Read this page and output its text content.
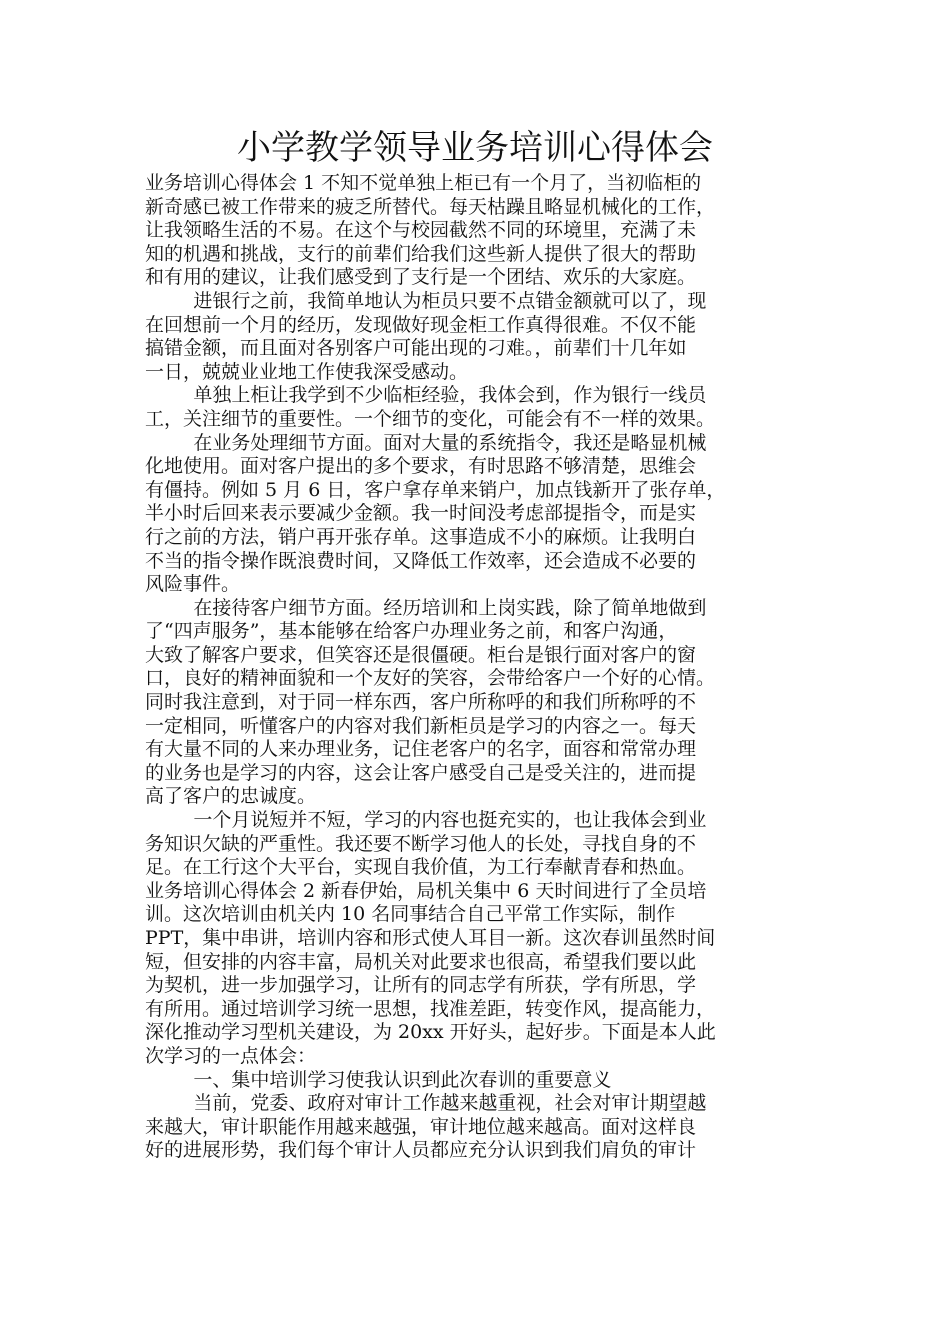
小学教学领导业务培训心得体会
业务培训心得体会 1 不知不觉单独上柜已有一个月了，当初临柜的
新奇感已被工作带来的疲乏所替代。每天枯躁且略显机械化的工作，
让我领略生活的不易。在这个与校园截然不同的环境里，充满了未
知的机遇和挑战，支行的前辈们给我们这些新人提供了很大的帮助
和有用的建议，让我们感受到了支行是一个团结、欢乐的大家庭。
进银行之前，我简单地认为柜员只要不点错金额就可以了，现
在回想前一个月的经历，发现做好现金柜工作真得很难。不仅不能
搞错金额，而且面对各别客户可能出现的刁难。，前辈们十几年如
一日，兢兢业业地工作使我深受感动。
单独上柜让我学到不少临柜经验，我体会到，作为银行一线员
工，关注细节的重要性。一个细节的变化，可能会有不一样的效果。
在业务处理细节方面。面对大量的系统指令，我还是略显机械
化地使用。面对客户提出的多个要求，有时思路不够清楚，思维会
有僵持。例如 5 月 6 日，客户拿存单来销户，加点钱新开了张存单，
半小时后回来表示要减少金额。我一时间没考虑部提指令，而是实
行之前的方法，销户再开张存单。这事造成不小的麻烦。让我明白
不当的指令操作既浪费时间，又降低工作效率，还会造成不必要的
风险事件。
在接待客户细节方面。经历培训和上岗实践，除了简单地做到
了“四声服务”，基本能够在给客户办理业务之前，和客户沟通，
大致了解客户要求，但笑容还是很僵硬。柜台是银行面对客户的窗
口，良好的精神面貌和一个友好的笑容，会带给客户一个好的心情。
同时我注意到，对于同一样东西，客户所称呼的和我们所称呼的不
一定相同，听懂客户的内容对我们新柜员是学习的内容之一。每天
有大量不同的人来办理业务，记住老客户的名字，面容和常常办理
的业务也是学习的内容，这会让客户感受自己是受关注的，进而提
高了客户的忠诚度。
一个月说短并不短，学习的内容也挺充实的，也让我体会到业
务知识欠缺的严重性。我还要不断学习他人的长处，寻找自身的不
足。在工行这个大平台，实现自我价值，为工行奉献青春和热血。
业务培训心得体会 2 新春伊始，局机关集中 6 天时间进行了全员培
训。这次培训由机关内 10 名同事结合自己平常工作实际，制作
PPT，集中串讲，培训内容和形式使人耳目一新。这次春训虽然时间
短，但安排的内容丰富，局机关对此要求也很高，希望我们要以此
为契机，进一步加强学习，让所有的同志学有所获，学有所思，学
有所用。通过培训学习统一思想，找准差距，转变作风，提高能力，
深化推动学习型机关建设，为 20xx 开好头，起好步。下面是本人此
次学习的一点体会：
一、集中培训学习使我认识到此次春训的重要意义
当前，党委、政府对审计工作越来越重视，社会对审计期望越
来越大，审计职能作用越来越强，审计地位越来越高。面对这样良
好的进展形势，我们每个审计人员都应充分认识到我们肩负的审计
